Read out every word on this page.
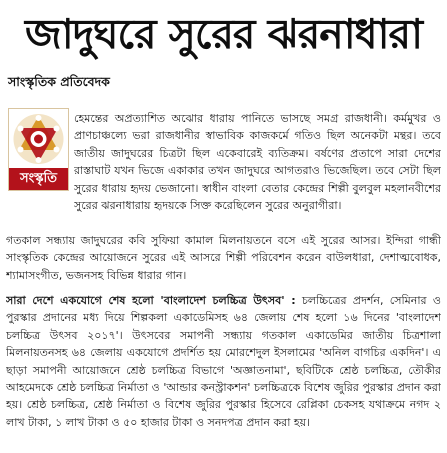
জাদুঘরে সুরের ঝরনাধারা
সাংস্কৃতিক প্রতিবেদক
সংস্কৃতি

হেমন্তের অপ্রত্যাশিত অঝোর ধারায় পানিতে ভাসছে সমগ্র রাজধানী। কর্মমুখর ও প্রাণচাঞ্চল্যে ভরা রাজধানীর স্বাভাবিক কাজকর্মে গতিও ছিল অনেকটা মন্থর। তবে জাতীয় জাদুঘরের চিত্রটা ছিল একেবারেই ব্যতিক্রম। বর্ষণের প্রতাপে সারা দেশের রাস্তাঘাট যখন ভিজে একাকার তখন জাদুঘরে আগতরাও ভিজেছিল। তবে সেটা ছিল সুরের ধারায় হৃদয় ভেজানো। স্বাধীন বাংলা বেতার কেন্দ্রের শিল্পী বুলবুল মহলানবীশের সুরের ঝরনাধারায় হৃদয়কে সিক্ত করেছিলেন সুরের অনুরাগীরা।

গতকাল সন্ধ্যায় জাদুঘরের কবি সুফিয়া কামাল মিলনায়তনে বসে এই সুরের আসর। ইন্দিরা গান্ধী সাংস্কৃতিক কেন্দ্রের আয়োজনে সুরের এই আসরে শিল্পী পরিবেশন করেন বাউলধারা, দেশাত্মবোধক, শ্যামাসংগীত, ভজনসহ বিভিন্ন ধারার গান।

সারা দেশে একযোগে শেষ হলো 'বাংলাদেশ চলচ্চিত্র উৎসব' : চলচ্চিত্রের প্রদর্শন, সেমিনার ও পুরস্কার প্রদানের মধ্য দিয়ে শিল্পকলা একাডেমিসহ ৬৪ জেলায় শেষ হলো ১৬ দিনের 'বাংলাদেশ চলচ্চিত্র উৎসব ২০১৭'। উৎসবের সমাপনী সন্ধ্যায় গতকাল একাডেমির জাতীয় চিত্রশালা মিলনায়তনসহ ৬৪ জেলায় একযোগে প্রদর্শিত হয় মোরশেদুল ইসলামের 'অনিল বাগচির একদিন'। এ ছাড়া সমাপনী আয়োজনে শ্রেষ্ঠ চলচ্চিত্র বিভাগে 'অজ্ঞাতনামা', ছবিটিকে শ্রেষ্ঠ চলচ্চিত্র, তৌকীর আহমেদকে শ্রেষ্ঠ চলচ্চিত্র নির্মাতা ও 'আন্ডার কনস্ট্রাকশন' চলচ্চিত্রকে বিশেষ জুরির পুরস্কার প্রদান করা হয়। শ্রেষ্ঠ চলচ্চিত্র, শ্রেষ্ঠ নির্মাতা ও বিশেষ জুরির পুরস্কার হিসেবে রেপ্লিকা চেকসহ যথাক্রমে নগদ ২ লাখ টাকা, ১ লাখ টাকা ও ৫০ হাজার টাকা ও সনদপত্র প্রদান করা হয়।
